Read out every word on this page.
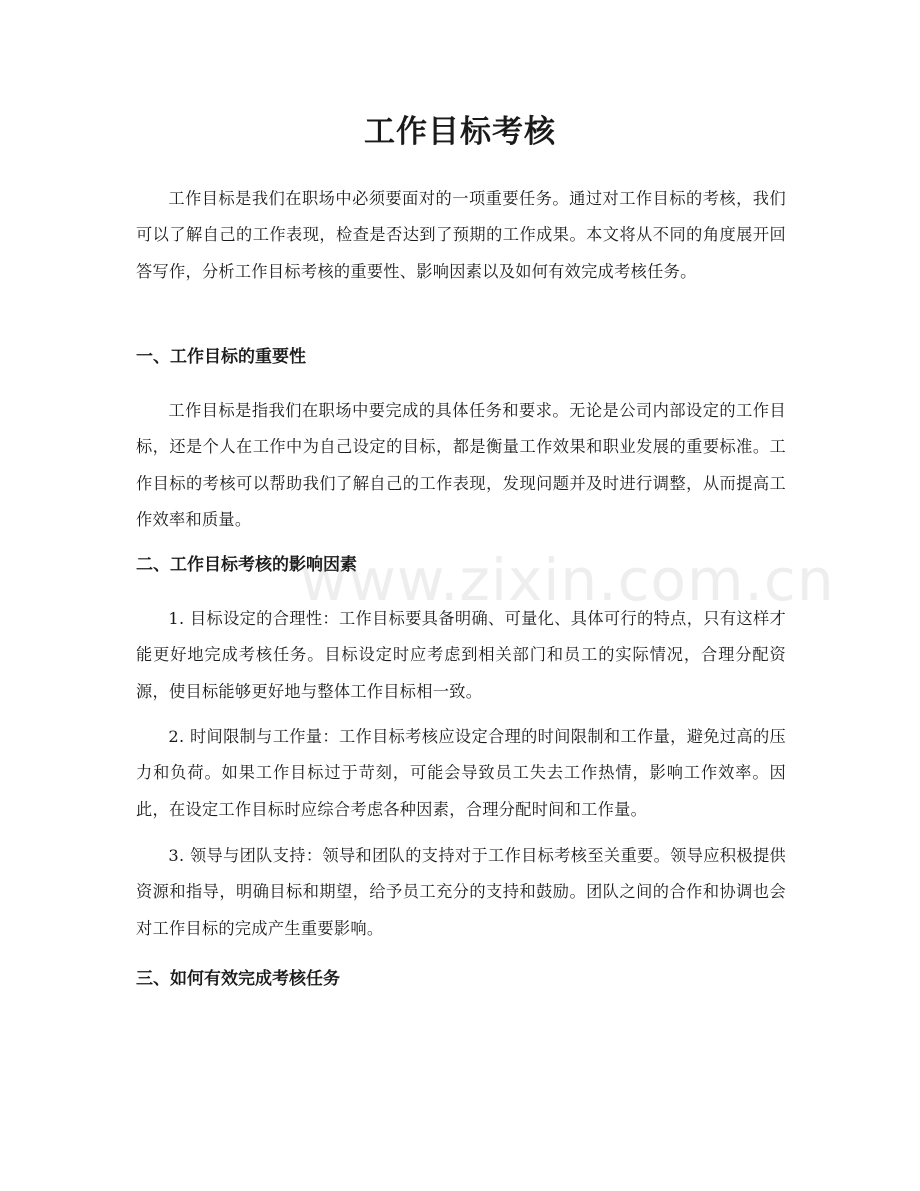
工作目标考核

工作目标是我们在职场中必须要面对的一项重要任务。通过对工作目标的考核，我们可以了解自己的工作表现，检查是否达到了预期的工作成果。本文将从不同的角度展开回答写作，分析工作目标考核的重要性、影响因素以及如何有效完成考核任务。

一、工作目标的重要性

工作目标是指我们在职场中要完成的具体任务和要求。无论是公司内部设定的工作目标，还是个人在工作中为自己设定的目标，都是衡量工作效果和职业发展的重要标准。工作目标的考核可以帮助我们了解自己的工作表现，发现问题并及时进行调整，从而提高工作效率和质量。

二、工作目标考核的影响因素

1. 目标设定的合理性：工作目标要具备明确、可量化、具体可行的特点，只有这样才能更好地完成考核任务。目标设定时应考虑到相关部门和员工的实际情况，合理分配资源，使目标能够更好地与整体工作目标相一致。

2. 时间限制与工作量：工作目标考核应设定合理的时间限制和工作量，避免过高的压力和负荷。如果工作目标过于苛刻，可能会导致员工失去工作热情，影响工作效率。因此，在设定工作目标时应综合考虑各种因素，合理分配时间和工作量。

3. 领导与团队支持：领导和团队的支持对于工作目标考核至关重要。领导应积极提供资源和指导，明确目标和期望，给予员工充分的支持和鼓励。团队之间的合作和协调也会对工作目标的完成产生重要影响。

三、如何有效完成考核任务
www.zixin.com.cn
